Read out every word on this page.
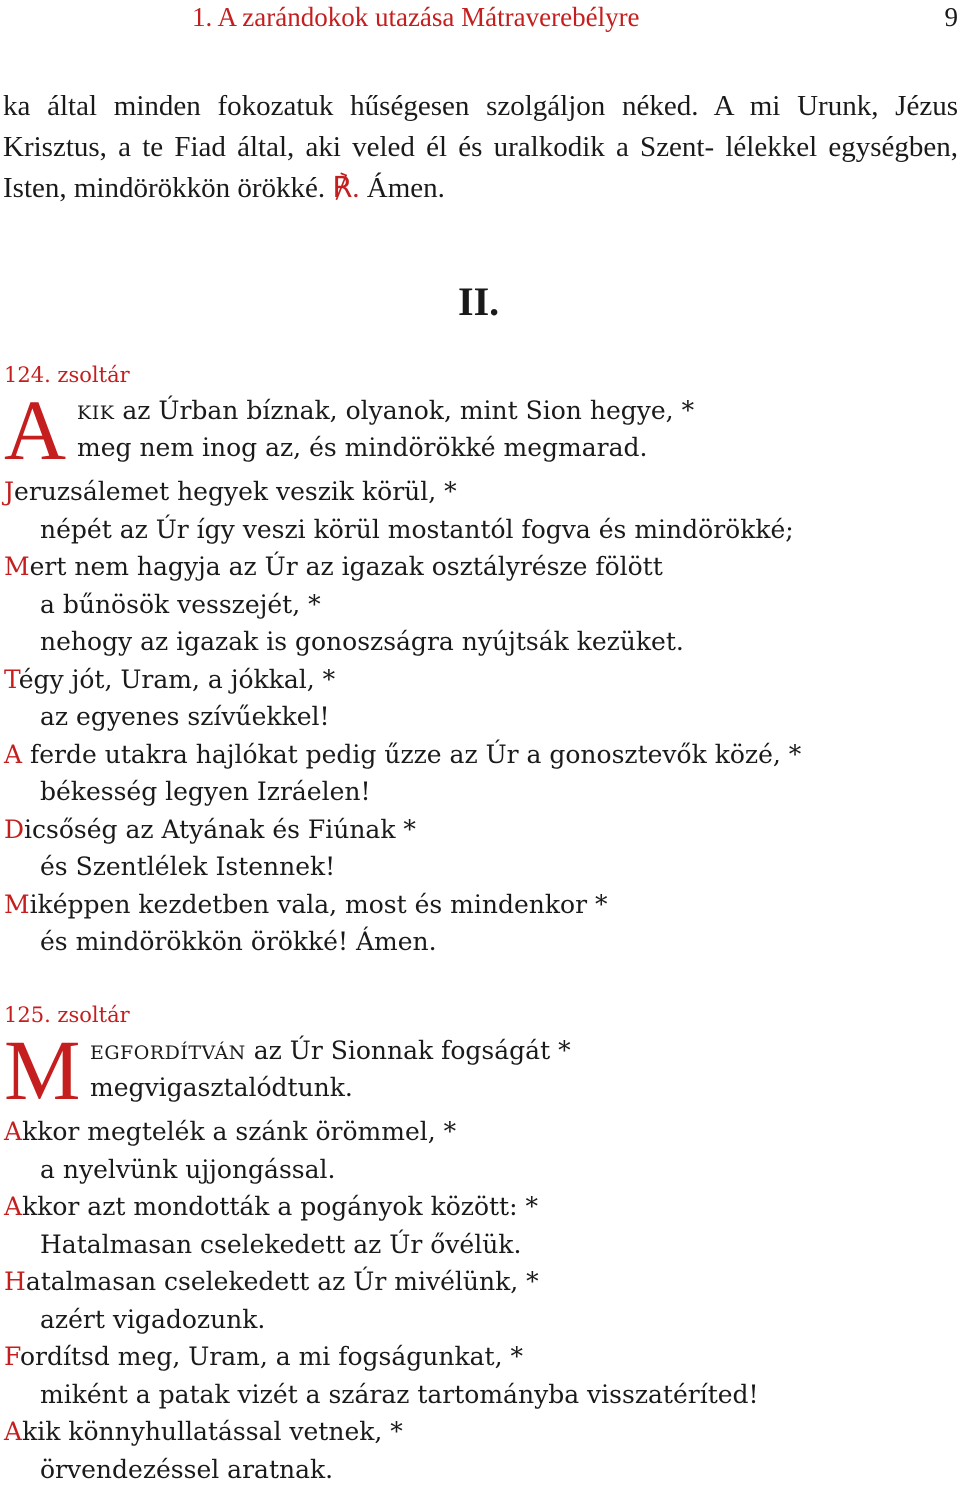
1. A zarándokok utazása Mátraverebélyre	9

ka által minden fokozatuk hűségesen szolgáljon néked. A mi Urunk, Jézus Krisztus, a te Fiad által, aki veled él és uralkodik a Szent- lélekkel egységben, Isten, mindörökkön örökké. ℟. Ámen.

II.
124. zsoltár
A KIK az Úrban bíznak, olyanok, mint Sion hegye, *
meg nem inog az, és mindörökké megmarad.
Jeruzsálemet hegyek veszik körül, *
népét az Úr így veszi körül mostantól fogva és mindörökké;
Mert nem hagyja az Úr az igazak osztályrésze fölött
a bűnösök vesszejét, *
nehogy az igazak is gonoszságra nyújtsák kezüket.
Tégy jót, Uram, a jókkal, *
az egyenes szívűekkel!
A ferde utakra hajlókat pedig űzze az Úr a gonosztevők közé, *
békesség legyen Izráelen!
Dicsőség az Atyának és Fiúnak *
és Szentlélek Istennek!
Miképpen kezdetben vala, most és mindenkor *
és mindörökkön örökké! Ámen.
125. zsoltár
M EGFORDÍTVÁN az Úr Sionnak fogságát *
megvigasztalódtunk.
Akkor megtelék a szánk örömmel, *
a nyelvünk ujjongással.
Akkor azt mondották a pogányok között: *
Hatalmasan cselekedett az Úr ővélük.
Hatalmasan cselekedett az Úr mivélünk, *
azért vigadozunk.
Fordítsd meg, Uram, a mi fogságunkat, *
miként a patak vizét a száraz tartományba visszatéríted!
Akik könnyhullatással vetnek, *
örvendezéssel aratnak.
